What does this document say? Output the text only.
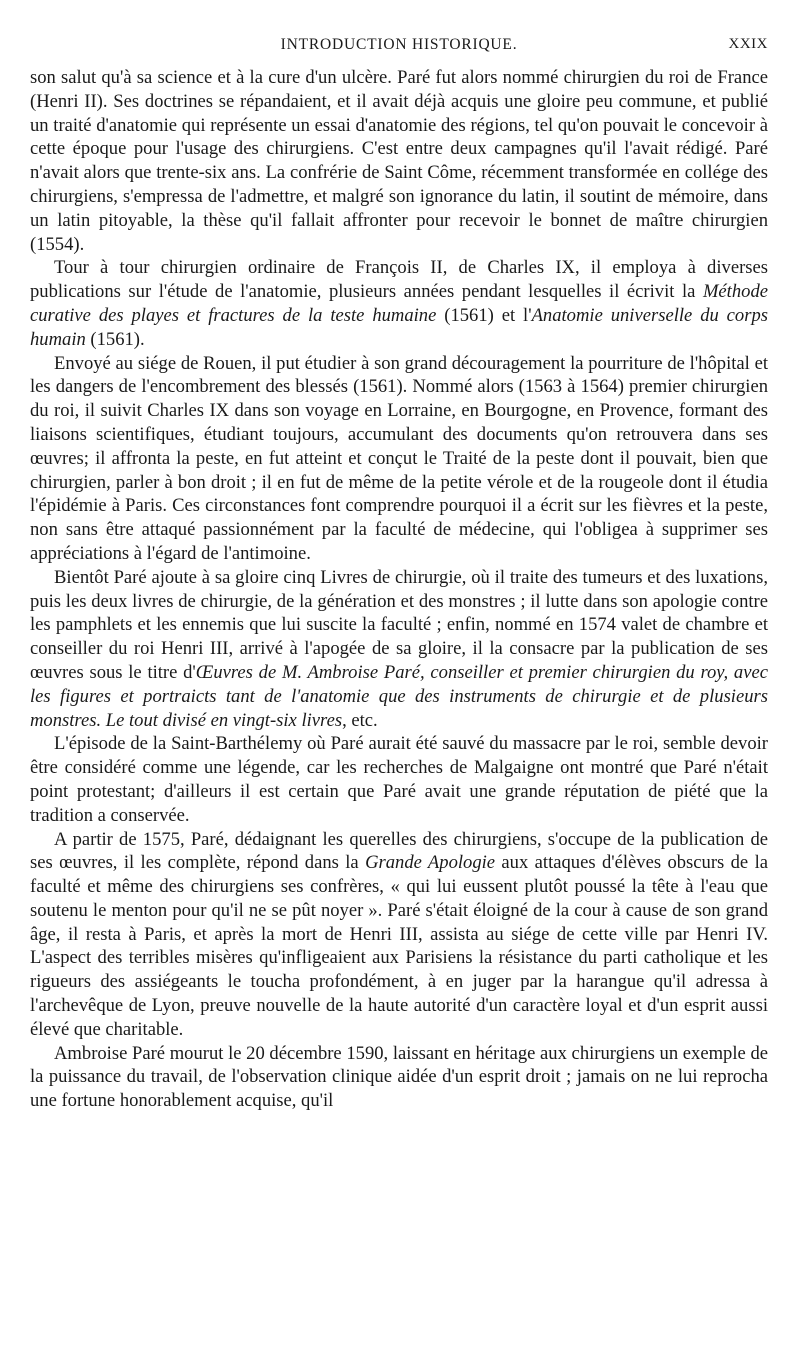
INTRODUCTION HISTORIQUE.	XXIX

son salut qu'à sa science et à la cure d'un ulcère. Paré fut alors nommé chirurgien du roi de France (Henri II). Ses doctrines se répandaient, et il avait déjà acquis une gloire peu commune, et publié un traité d'anatomie qui représente un essai d'anatomie des régions, tel qu'on pouvait le concevoir à cette époque pour l'usage des chirurgiens. C'est entre deux campagnes qu'il l'avait rédigé. Paré n'avait alors que trente-six ans. La confrérie de Saint Côme, récemment transformée en collége des chirurgiens, s'empressa de l'admettre, et malgré son ignorance du latin, il soutint de mémoire, dans un latin pitoyable, la thèse qu'il fallait affronter pour recevoir le bonnet de maître chirurgien (1554).

Tour à tour chirurgien ordinaire de François II, de Charles IX, il employa à diverses publications sur l'étude de l'anatomie, plusieurs années pendant lesquelles il écrivit la Méthode curative des playes et fractures de la teste humaine (1561) et l'Anatomie universelle du corps humain (1561).

Envoyé au siége de Rouen, il put étudier à son grand découragement la pourriture de l'hôpital et les dangers de l'encombrement des blessés (1561). Nommé alors (1563 à 1564) premier chirurgien du roi, il suivit Charles IX dans son voyage en Lorraine, en Bourgogne, en Provence, formant des liaisons scientifiques, étudiant toujours, accumulant des documents qu'on retrouvera dans ses œuvres; il affronta la peste, en fut atteint et conçut le Traité de la peste dont il pouvait, bien que chirurgien, parler à bon droit ; il en fut de même de la petite vérole et de la rougeole dont il étudia l'épidémie à Paris. Ces circonstances font comprendre pourquoi il a écrit sur les fièvres et la peste, non sans être attaqué passionnément par la faculté de médecine, qui l'obligea à supprimer ses appréciations à l'égard de l'antimoine.

Bientôt Paré ajoute à sa gloire cinq Livres de chirurgie, où il traite des tumeurs et des luxations, puis les deux livres de chirurgie, de la génération et des monstres ; il lutte dans son apologie contre les pamphlets et les ennemis que lui suscite la faculté ; enfin, nommé en 1574 valet de chambre et conseiller du roi Henri III, arrivé à l'apogée de sa gloire, il la consacre par la publication de ses œuvres sous le titre d'Œuvres de M. Ambroise Paré, conseiller et premier chirurgien du roy, avec les figures et portraicts tant de l'anatomie que des instruments de chirurgie et de plusieurs monstres. Le tout divisé en vingt-six livres, etc.

L'épisode de la Saint-Barthélemy où Paré aurait été sauvé du massacre par le roi, semble devoir être considéré comme une légende, car les recherches de Malgaigne ont montré que Paré n'était point protestant; d'ailleurs il est certain que Paré avait une grande réputation de piété que la tradition a conservée.

A partir de 1575, Paré, dédaignant les querelles des chirurgiens, s'occupe de la publication de ses œuvres, il les complète, répond dans la Grande Apologie aux attaques d'élèves obscurs de la faculté et même des chirurgiens ses confrères, « qui lui eussent plutôt poussé la tête à l'eau que soutenu le menton pour qu'il ne se pût noyer ». Paré s'était éloigné de la cour à cause de son grand âge, il resta à Paris, et après la mort de Henri III, assista au siége de cette ville par Henri IV. L'aspect des terribles misères qu'infligeaient aux Parisiens la résistance du parti catholique et les rigueurs des assiégeants le toucha profondément, à en juger par la harangue qu'il adressa à l'archevêque de Lyon, preuve nouvelle de la haute autorité d'un caractère loyal et d'un esprit aussi élevé que charitable.

Ambroise Paré mourut le 20 décembre 1590, laissant en héritage aux chirurgiens un exemple de la puissance du travail, de l'observation clinique aidée d'un esprit droit ; jamais on ne lui reprocha une fortune honorablement acquise, qu'il
